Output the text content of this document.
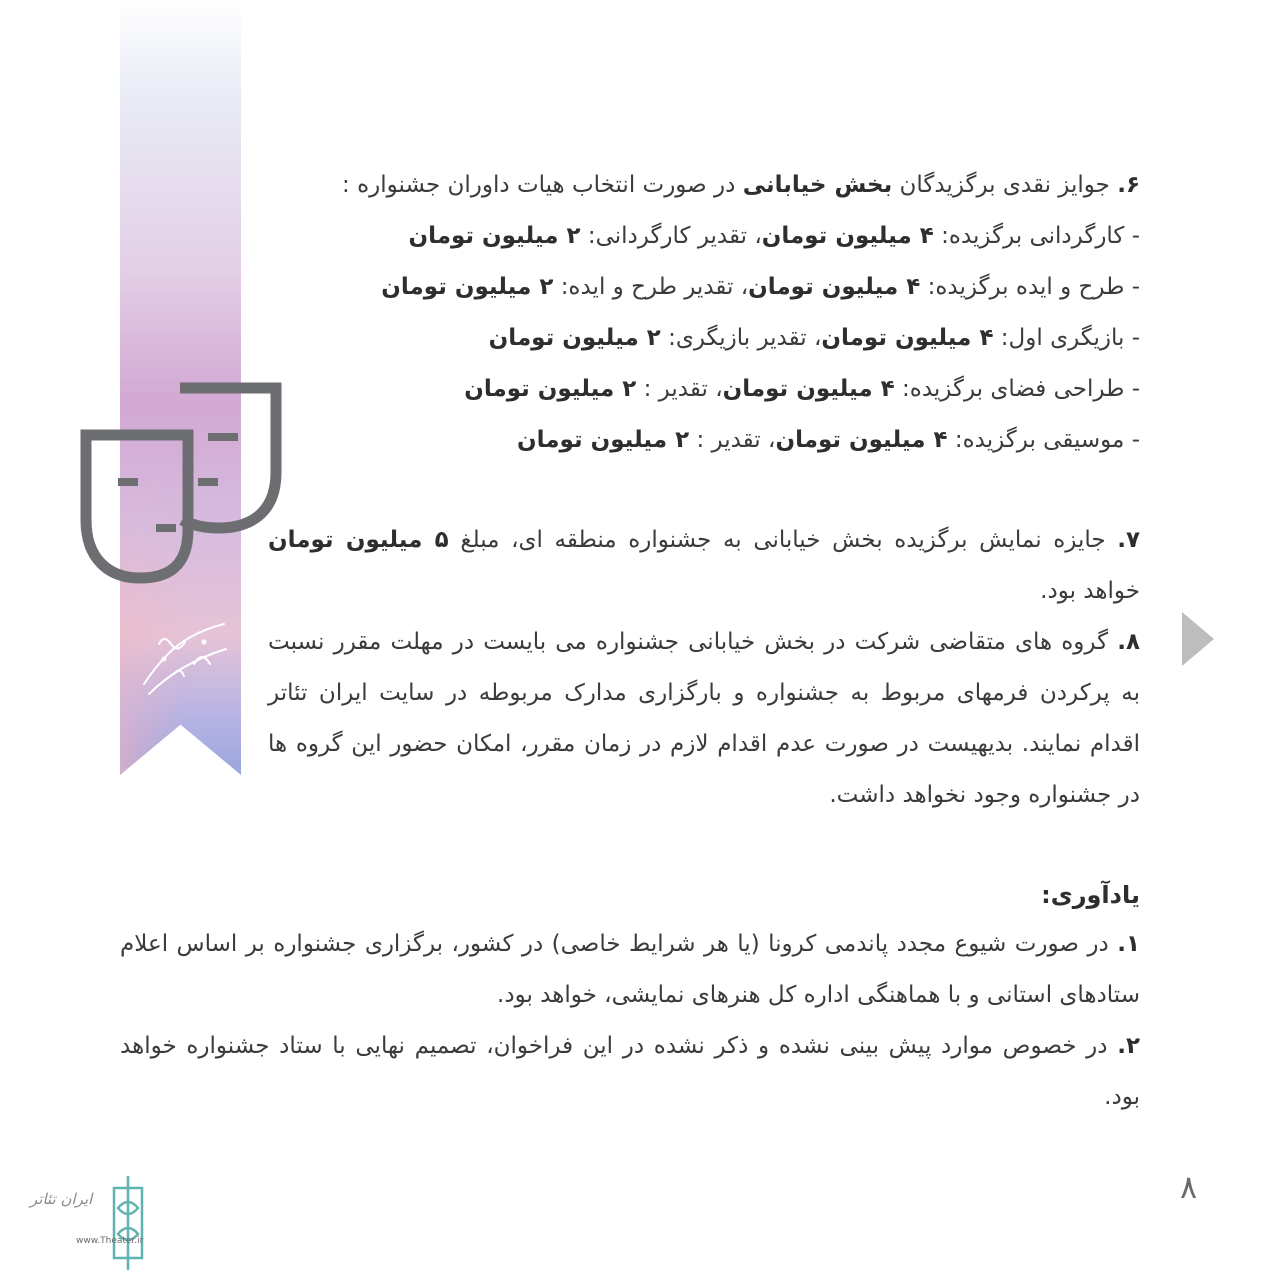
۶. جوایز نقدی برگزیدگان بخش خیابانی در صورت انتخاب هیات داوران جشنواره :
- کارگردانی برگزیده: ۴ میلیون تومان، تقدیر کارگردانی: ۲ میلیون تومان
- طرح و ایده برگزیده: ۴ میلیون تومان، تقدیر طرح و ایده: ۲ میلیون تومان
- بازیگری اول: ۴ میلیون تومان، تقدیر بازیگری: ۲ میلیون تومان
- طراحی فضای برگزیده: ۴ میلیون تومان، تقدیر : ۲ میلیون تومان
- موسیقی برگزیده: ۴ میلیون تومان، تقدیر : ۲ میلیون تومان
۷. جایزه نمایش برگزیده بخش خیابانی به جشنواره منطقه ای، مبلغ ۵ میلیون تومان خواهد بود.
۸. گروه های متقاضی شرکت در بخش خیابانی جشنواره می بایست در مهلت مقرر نسبت به پرکردن فرمهای مربوط به جشنواره و بارگزاری مدارک مربوطه در سایت ایران تئاتر اقدام نمایند. بدیهیست در صورت عدم اقدام لازم در زمان مقرر، امکان حضور این گروه ها در جشنواره وجود نخواهد داشت.
یادآوری:
۱. در صورت شیوع مجدد پاندمی کرونا (یا هر شرایط خاصی) در کشور، برگزاری جشنواره بر اساس اعلام ستادهای استانی و با هماهنگی اداره کل هنرهای نمایشی، خواهد بود.
۲. در خصوص موارد پیش بینی نشده و ذکر نشده در این فراخوان، تصمیم نهایی با ستاد جشنواره خواهد بود.
۸
ایران تئاتر
www.Theater.ir
